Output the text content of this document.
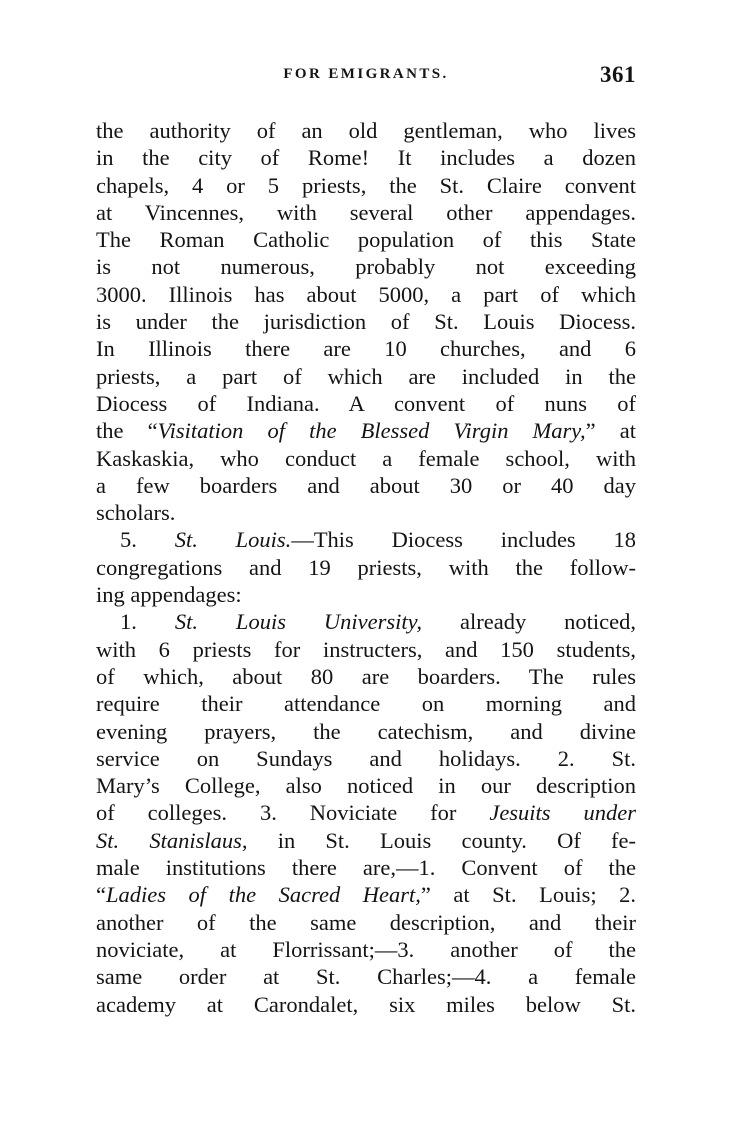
FOR EMIGRANTS.	361
the authority of an old gentleman, who lives
in the city of Rome! It includes a dozen
chapels, 4 or 5 priests, the St. Claire convent
at Vincennes, with several other appendages.
The Roman Catholic population of this State
is not numerous, probably not exceeding
3000. Illinois has about 5000, a part of which
is under the jurisdiction of St. Louis Diocess.
In Illinois there are 10 churches, and 6
priests, a part of which are included in the
Diocess of Indiana. A convent of nuns of
the “Visitation of the Blessed Virgin Mary,” at
Kaskaskia, who conduct a female school, with
a few boarders and about 30 or 40 day
scholars.
5. St. Louis.—This Diocess includes 18
congregations and 19 priests, with the follow-
ing appendages:
1. St. Louis University, already noticed,
with 6 priests for instructers, and 150 students,
of which, about 80 are boarders. The rules
require their attendance on morning and
evening prayers, the catechism, and divine
service on Sundays and holidays. 2. St.
Mary’s College, also noticed in our description
of colleges. 3. Noviciate for Jesuits under
St. Stanislaus, in St. Louis county. Of fe-
male institutions there are,—1. Convent of the
“Ladies of the Sacred Heart,” at St. Louis; 2.
another of the same description, and their
noviciate, at Florrissant;—3. another of the
same order at St. Charles;—4. a female
academy at Carondalet, six miles below St.
